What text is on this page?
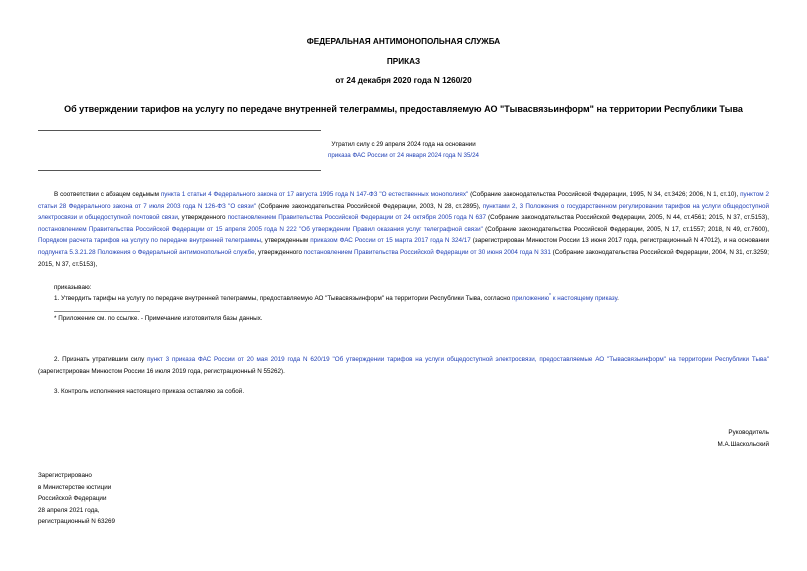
ФЕДЕРАЛЬНАЯ АНТИМОНОПОЛЬНАЯ СЛУЖБА
ПРИКАЗ
от 24 декабря 2020 года N 1260/20
Об утверждении тарифов на услугу по передаче внутренней телеграммы, предоставляемую АО "Тывасвязьинформ" на территории Республики Тыва
Утратил силу с 29 апреля 2024 года на основании
приказа ФАС России от 24 января 2024 года N 35/24
В соответствии с абзацем седьмым пункта 1 статьи 4 Федерального закона от 17 августа 1995 года N 147-ФЗ "О естественных монополиях" (Собрание законодательства Российской Федерации, 1995, N 34, ст.3426; 2006, N 1, ст.10), пунктом 2 статьи 28 Федерального закона от 7 июля 2003 года N 126-ФЗ "О связи" (Собрание законодательства Российской Федерации, 2003, N 28, ст.2895), пунктами 2, 3 Положения о государственном регулировании тарифов на услуги общедоступной электросвязи и общедоступной почтовой связи, утвержденного постановлением Правительства Российской Федерации от 24 октября 2005 года N 637 (Собрание законодательства Российской Федерации, 2005, N 44, ст.4561; 2015, N 37, ст.5153), постановлением Правительства Российской Федерации от 15 апреля 2005 года N 222 "Об утверждении Правил оказания услуг телеграфной связи" (Собрание законодательства Российской Федерации, 2005, N 17, ст.1557; 2018, N 49, ст.7600), Порядком расчета тарифов на услугу по передаче внутренней телеграммы, утвержденным приказом ФАС России от 15 марта 2017 года N 324/17 (зарегистрирован Минюстом России 13 июня 2017 года, регистрационный N 47012), и на основании подпункта 5.3.21.28 Положения о Федеральной антимонопольной службе, утвержденного постановлением Правительства Российской Федерации от 30 июня 2004 года N 331 (Собрание законодательства Российской Федерации, 2004, N 31, ст.3259; 2015, N 37, ст.5153),
приказываю:
1. Утвердить тарифы на услугу по передаче внутренней телеграммы, предоставляемую АО "Тывасвязьинформ" на территории Республики Тыва, согласно приложению* к настоящему приказу.
* Приложение см. по ссылке. - Примечание изготовителя базы данных.
2. Признать утратившим силу пункт 3 приказа ФАС России от 20 мая 2019 года N 620/19 "Об утверждении тарифов на услуги общедоступной электросвязи, предоставляемые АО "Тывасвязьинформ" на территории Республики Тыва" (зарегистрирован Минюстом России 16 июля 2019 года, регистрационный N 55262).
3. Контроль исполнения настоящего приказа оставляю за собой.
Руководитель
М.А.Шаскольский
Зарегистрировано
в Министерстве юстиции
Российской Федерации
28 апреля 2021 года,
регистрационный N 63269
